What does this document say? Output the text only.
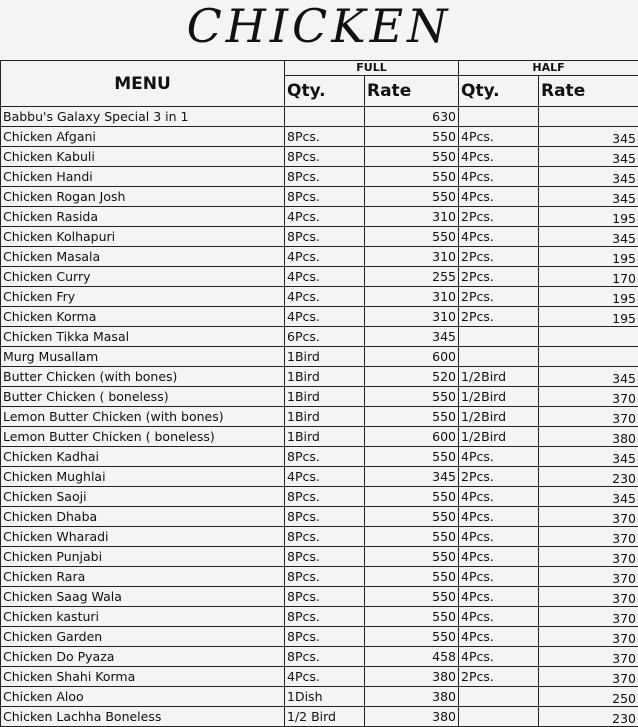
CHICKEN
MENU	FULL		HALF	
	Qty.	Rate	Qty.	Rate
Babbu's Galaxy Special 3 in 1		630		
Chicken Afgani	8Pcs.	550	4Pcs.	345
Chicken Kabuli	8Pcs.	550	4Pcs.	345
Chicken Handi	8Pcs.	550	4Pcs.	345
Chicken Rogan Josh	8Pcs.	550	4Pcs.	345
Chicken Rasida	4Pcs.	310	2Pcs.	195
Chicken Kolhapuri	8Pcs.	550	4Pcs.	345
Chicken Masala	4Pcs.	310	2Pcs.	195
Chicken Curry	4Pcs.	255	2Pcs.	170
Chicken Fry	4Pcs.	310	2Pcs.	195
Chicken Korma	4Pcs.	310	2Pcs.	195
Chicken Tikka Masal	6Pcs.	345		
Murg Musallam	1Bird	600		
Butter Chicken (with bones)	1Bird	520	1/2Bird	345
Butter Chicken ( boneless)	1Bird	550	1/2Bird	370
Lemon Butter Chicken (with bones)	1Bird	550	1/2Bird	370
Lemon Butter Chicken ( boneless)	1Bird	600	1/2Bird	380
Chicken Kadhai	8Pcs.	550	4Pcs.	345
Chicken Mughlai	4Pcs.	345	2Pcs.	230
Chicken Saoji	8Pcs.	550	4Pcs.	345
Chicken Dhaba	8Pcs.	550	4Pcs.	370
Chicken Wharadi	8Pcs.	550	4Pcs.	370
Chicken Punjabi	8Pcs.	550	4Pcs.	370
Chicken Rara	8Pcs.	550	4Pcs.	370
Chicken Saag Wala	8Pcs.	550	4Pcs.	370
Chicken kasturi	8Pcs.	550	4Pcs.	370
Chicken Garden	8Pcs.	550	4Pcs.	370
Chicken Do Pyaza	8Pcs.	458	4Pcs.	370
Chicken Shahi Korma	4Pcs.	380	2Pcs.	370
Chicken Aloo	1Dish	380		250
Chicken Lachha Boneless	1/2 Bird	380		230
